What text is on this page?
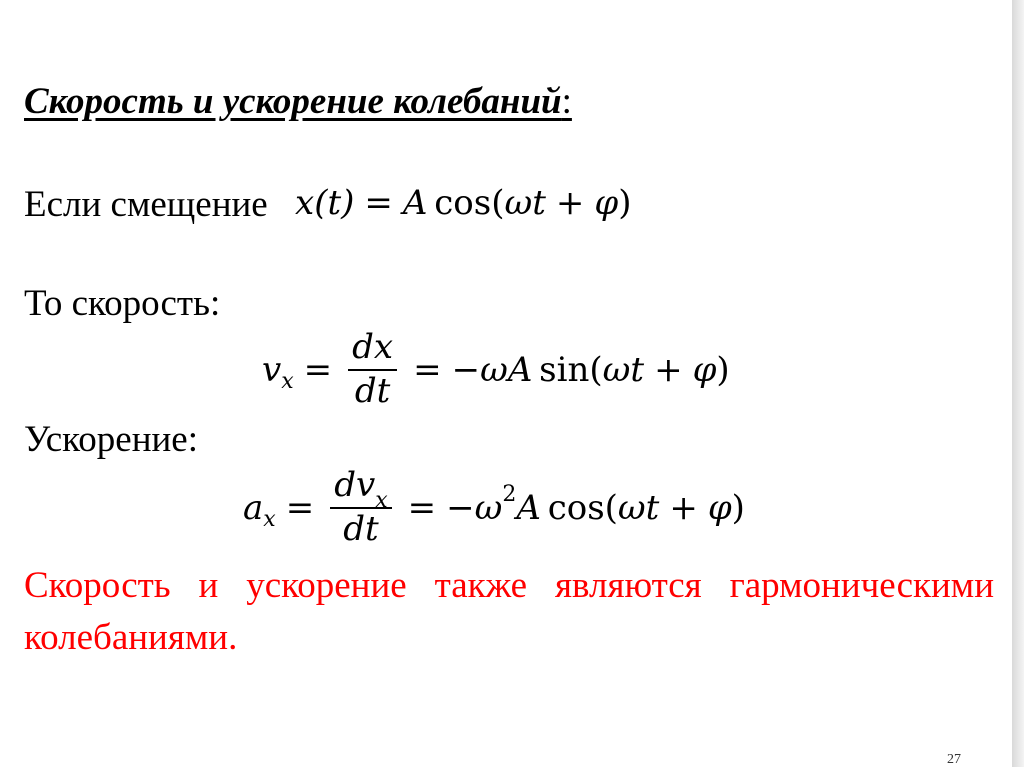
Скорость и ускорение колебаний:
Если смещение x(t) = A  cos(ωt + φ)
То скорость:
v $x = \frac{dx}{dt} = -\omega$ A
  sin ( ω t + φ )
Ускорение:
a $x = \frac{dv_x}{dt} = -\omega$ 2 A
  cos ( ω t + φ )
Скорость и ускорение также являются гармоническими колебаниями.
27
